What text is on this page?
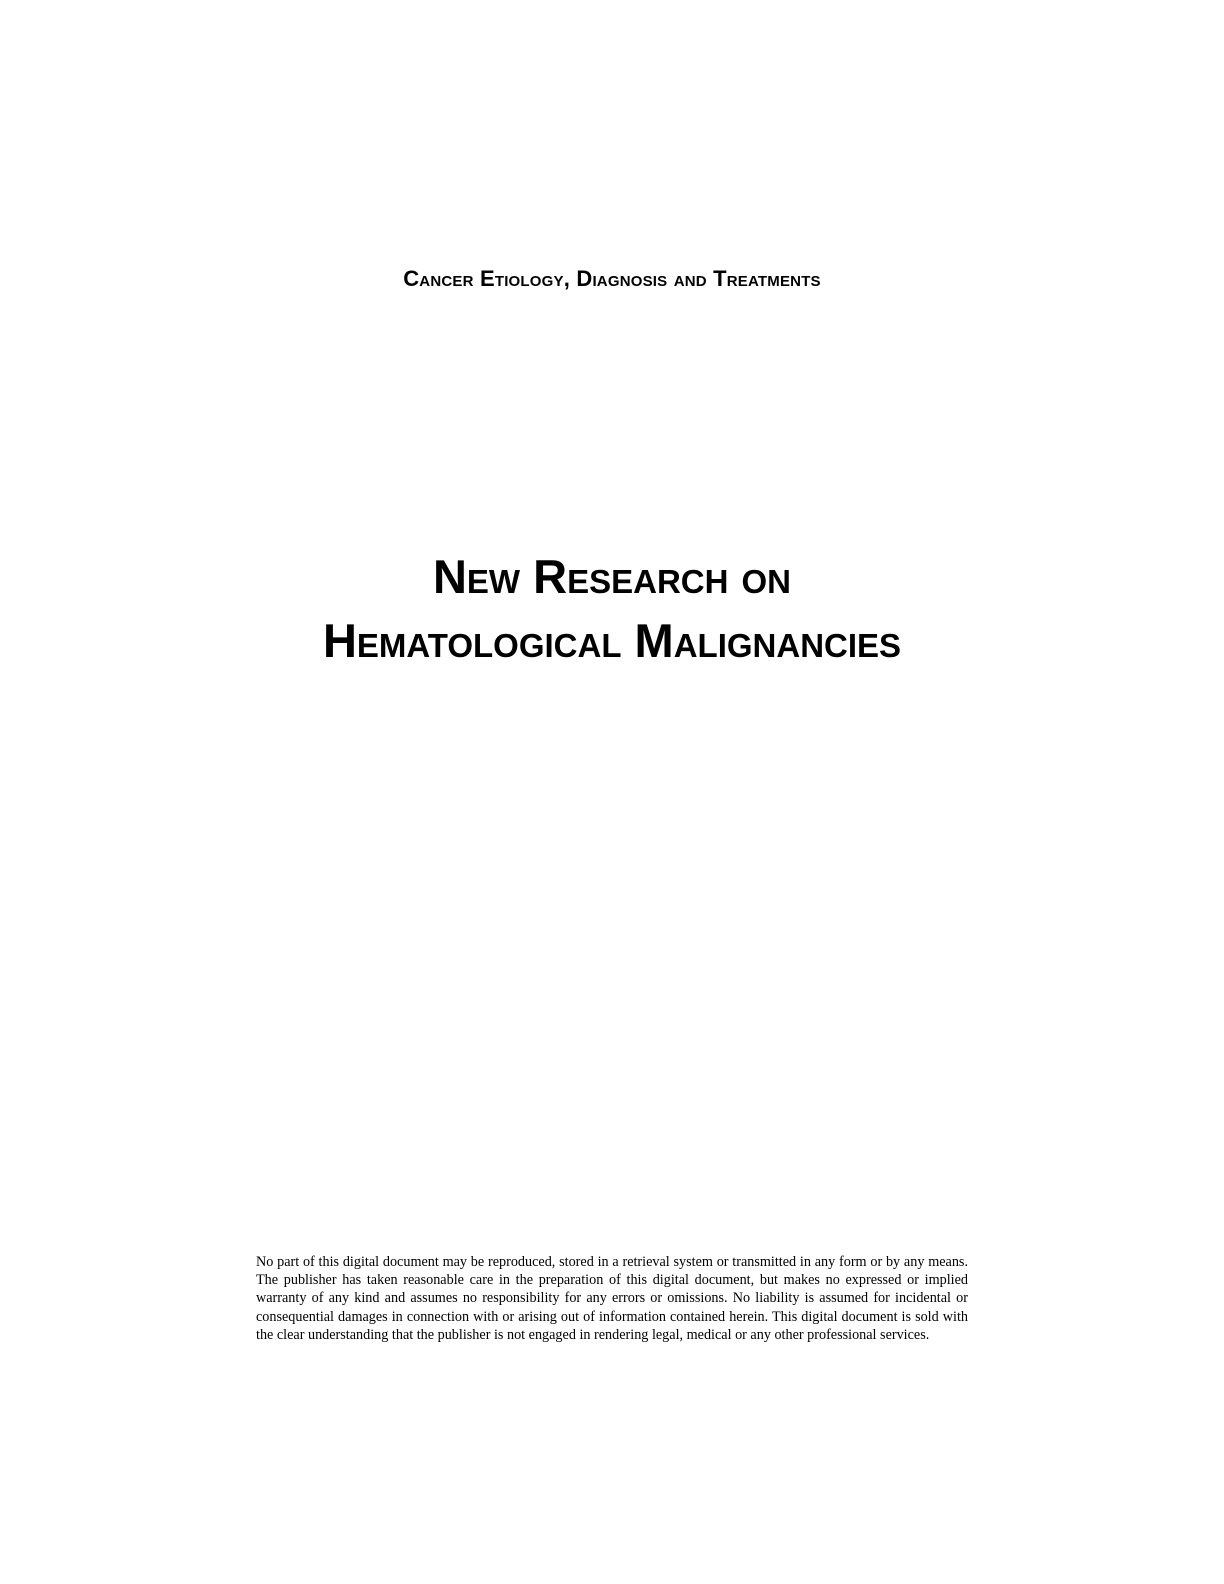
Cancer Etiology, Diagnosis and Treatments
New Research on
Hematological Malignancies

No part of this digital document may be reproduced, stored in a retrieval system or transmitted in any form or by any means. The publisher has taken reasonable care in the preparation of this digital document, but makes no expressed or implied warranty of any kind and assumes no responsibility for any errors or omissions. No liability is assumed for incidental or consequential damages in connection with or arising out of information contained herein. This digital document is sold with the clear understanding that the publisher is not engaged in rendering legal, medical or any other professional services.
